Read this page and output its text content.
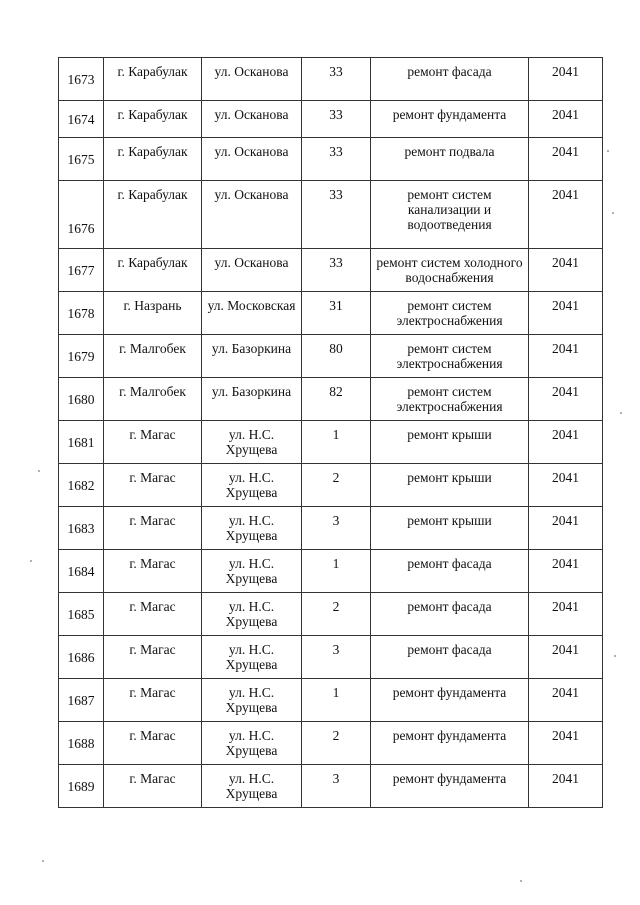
1673	г. Карабулак	ул. Осканова	33	ремонт фасада	2041
1674	г. Карабулак	ул. Осканова	33	ремонт фундамента	2041
1675	г. Карабулак	ул. Осканова	33	ремонт подвала	2041
1676	г. Карабулак	ул. Осканова	33	ремонт систем канализации и водоотведения	2041
1677	г. Карабулак	ул. Осканова	33	ремонт систем холодного водоснабжения	2041
1678	г. Назрань	ул. Московская	31	ремонт систем электроснабжения	2041
1679	г. Малгобек	ул. Базоркина	80	ремонт систем электроснабжения	2041
1680	г. Малгобек	ул. Базоркина	82	ремонт систем электроснабжения	2041
1681	г. Магас	ул. Н.С. Хрущева	1	ремонт крыши	2041
1682	г. Магас	ул. Н.С. Хрущева	2	ремонт крыши	2041
1683	г. Магас	ул. Н.С. Хрущева	3	ремонт крыши	2041
1684	г. Магас	ул. Н.С. Хрущева	1	ремонт фасада	2041
1685	г. Магас	ул. Н.С. Хрущева	2	ремонт фасада	2041
1686	г. Магас	ул. Н.С. Хрущева	3	ремонт фасада	2041
1687	г. Магас	ул. Н.С. Хрущева	1	ремонт фундамента	2041
1688	г. Магас	ул. Н.С. Хрущева	2	ремонт фундамента	2041
1689	г. Магас	ул. Н.С. Хрущева	3	ремонт фундамента	2041
